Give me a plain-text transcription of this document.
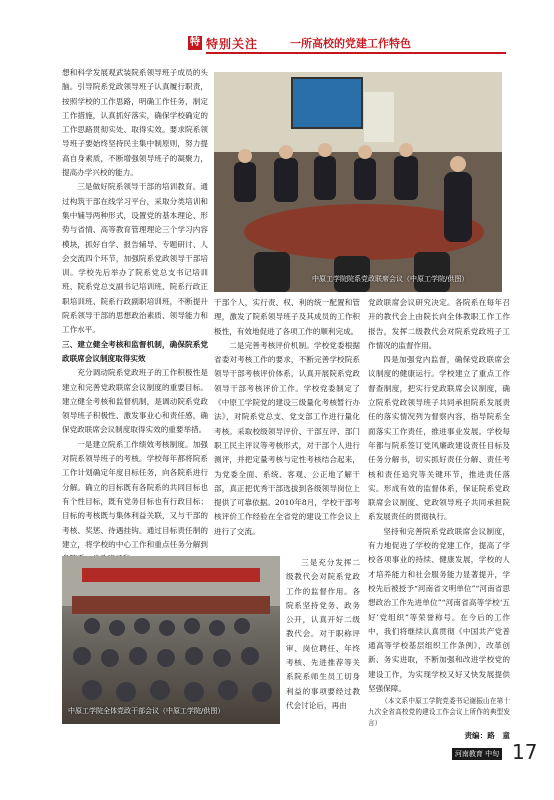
特 特别关注	一所高校的党建工作特色

想和科学发展观武装院系领导班子成员的头脑。引导院系党政领导班子认真履行职责，按照学校的工作思路，明确工作任务，制定工作措施，认真抓好落实，确保学校确定的工作思路贯彻实处、取得实效。要求院系领导班子要始终坚持民主集中制原则，努力提高自身素质，不断增强领导班子的凝聚力，提高办学兴校的能力。

三是做好院系领导干部的培训教育。通过构筑干部在线学习平台，采取分类培训和集中辅导两种形式，设置党的基本理论、形势与省情、高等教育管理理论三个学习内容模块，抓好自学、报告辅导、专题研讨、人会交流四个环节，加强院系党政领导干部培训。学校先后举办了院系党总支书记培训班、院系党总支副书记培训班、院系行政正职培训班、院系行政副职培训班，不断提升院系领导干部的思想政治素质、领导能力和工作水平。

三、建立健全考核和监督机制，确保院系党政联席会议制度取得实效

充分调动院系党政班子的工作积极性是建立和完善党政联席会议制度的重要目标。建立健全考核和监督机制，是调动院系党政领导班子积极性、激发事业心和责任感，确保党政联席会议制度取得实效的重要举措。

一是建立院系工作绩效考核制度。加强对院系领导班子的考核。学校每年都将院系工作计划确定年度目标任务，向各院系进行分解。确立的目标既有各院系的共同目标也有个性目标，既有党务目标也有行政目标；目标的考核既与集体利益关联，又与干部的考核、奖惩、待遇挂钩。通过目标责任制的建立，将学校的中心工作和重点任务分解到

干部个人，实行责、权、利的统一配置和管理，激发了院系领导班子及其成员的工作积极性，有效地促进了各项工作的顺利完成。

二是完善考核评价机制。学校党委根据省委对考核工作的要求，不断完善学校院系领导干部考核评价体系，认真开展院系党政领导干部考核评价工作。学校党委制定了《中原工学院党的建设三级量化考核暂行办法》，对院系党总支、党支部工作进行量化考核。采取校级领导评价、干部互评、部门职工民主评议等考核形式，对干部个人进行测评，并把定量考核与定性考核结合起来，为党委全面、系统、客观、公正地了解干部，真正把优秀干部选拔到各级领导岗位上提供了可靠依据。2010年8月，学校干部考核评价工作经验在全省党的建设工作会议上进行了交流。

党政联席会议研究决定。各院系在每年召开的教代会上由院长向全体教职工作工作报告，发挥二级教代会对院系党政班子工作情况的监督作用。

四是加强党内监督，确保党政联席会议制度的健康运行。学校建立了重点工作督查制度，把实行党政联席会议制度，确立院系党政领导班子共同承担院系发展责任的落实情况列为督察内容，指导院系全面落实工作责任，推进事业发展。学校每年都与院系签订党风廉政建设责任目标及任务分解书，切实抓好责任分解、责任考核和责任追究等关键环节，推进责任落实。形成有效的监督体系，保证院系党政联席会议制度、党政领导班子共同承担院系发展责任的贯彻执行。

坚持和完善院系党政联席会议制度，有力地促进了学校的党建工作，提高了学校各项事业的持续、健康发展，学校的人才培养能力和社会服务能力显著提升，学校先后被授予“河南省文明单位”“河南省思想政治工作先进单位”“河南省高等学校‘五好’党组织”等荣誉称号。在今后的工作中，我们将继续认真贯彻《中国共产党普通高等学校基层组织工作条例》，改革创新、务实进取，不断加强和改进学校党的建设工作，为实现学校又好又快发展提供坚强保障。

（本文系中原工学院党委书记谢振山在第十九次全省高校党的建设工作会议上所作的典型发言）

责编：路　童

三是充分发挥二级教代会对院系党政工作的监督作用。各院系坚持党务、政务公开，认真开好二级教代会。对于职称评审、岗位聘任、年终考核、先进推荐等关系院系师生员工切身利益的事项要经过教代会讨论后，再由

中原工学院院系党政联席会议（中原工学院/供图）
中原工学院全体党政干部会议（中原工学院/供图）
河南教育 中旬 17
